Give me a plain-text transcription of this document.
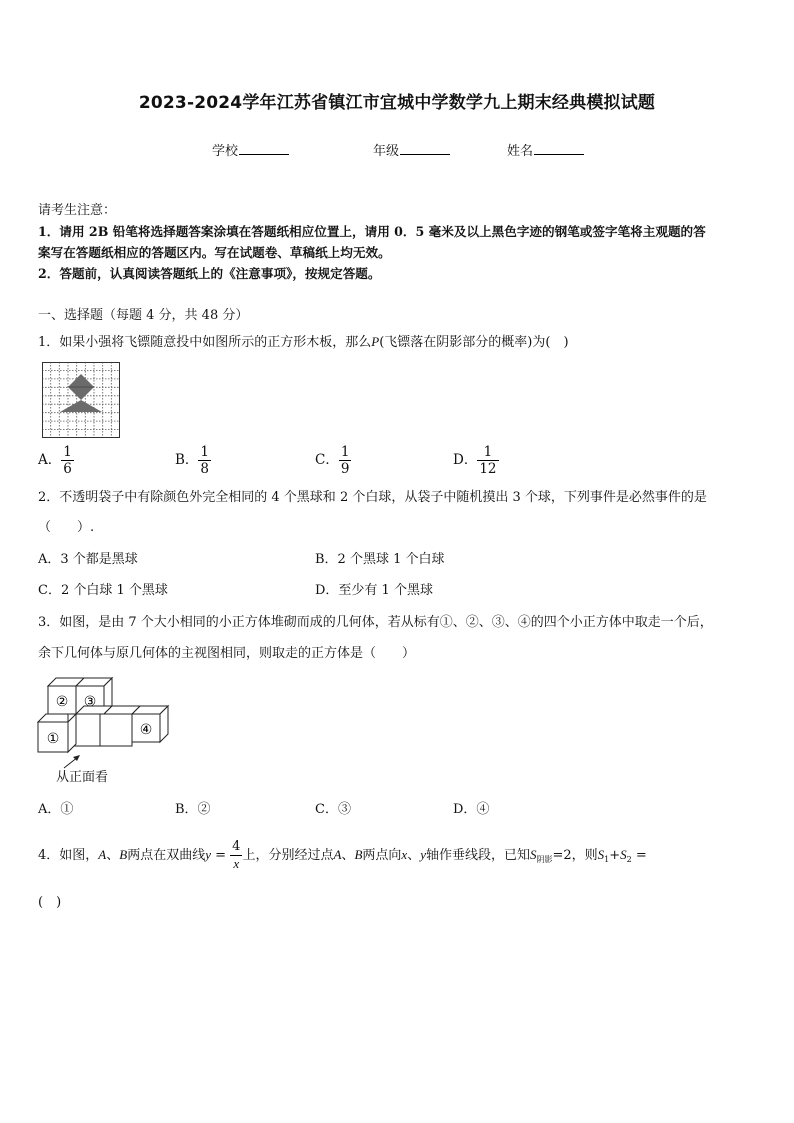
2023-2024学年江苏省镇江市宜城中学数学九上期末经典模拟试题
学校	年级	姓名
请考生注意：
1．请用 2B 铅笔将选择题答案涂填在答题纸相应位置上，请用 0．5 毫米及以上黑色字迹的钢笔或签字笔将主观题的答
案写在答题纸相应的答题区内。写在试题卷、草稿纸上均无效。
2．答题前，认真阅读答题纸上的《注意事项》，按规定答题。
一、选择题（每题 4 分，共 48 分）
1．如果小强将飞镖随意投中如图所示的正方形木板，那么P(飞镖落在阴影部分的概率)为(　)
A． $\frac{1}{6}$	B． $\frac{1}{8}$	C． $\frac{1}{9}$	D． $\frac{1}{12}$
2．不透明袋子中有除颜色外完全相同的 4 个黑球和 2 个白球，从袋子中随机摸出 3 个球，下列事件是必然事件的是
（　　）.
A．3 个都是黑球	B．2 个黑球 1 个白球
C．2 个白球 1 个黑球	D．至少有 1 个黑球
3．如图，是由 7 个大小相同的小正方体堆砌而成的几何体，若从标有①、②、③、④的四个小正方体中取走一个后，
余下几何体与原几何体的主视图相同，则取走的正方体是（　　）
② ③
①
④
从正面看
A．①	B．②	C．③	D．④
4．如图，A、B两点在双曲线$y = \frac{4}{x}$ 上，分别经过点A、B两点向x、y轴作垂线段，已知$S_{阴影}=2$，则$S_1+S_2$ =
(　)
